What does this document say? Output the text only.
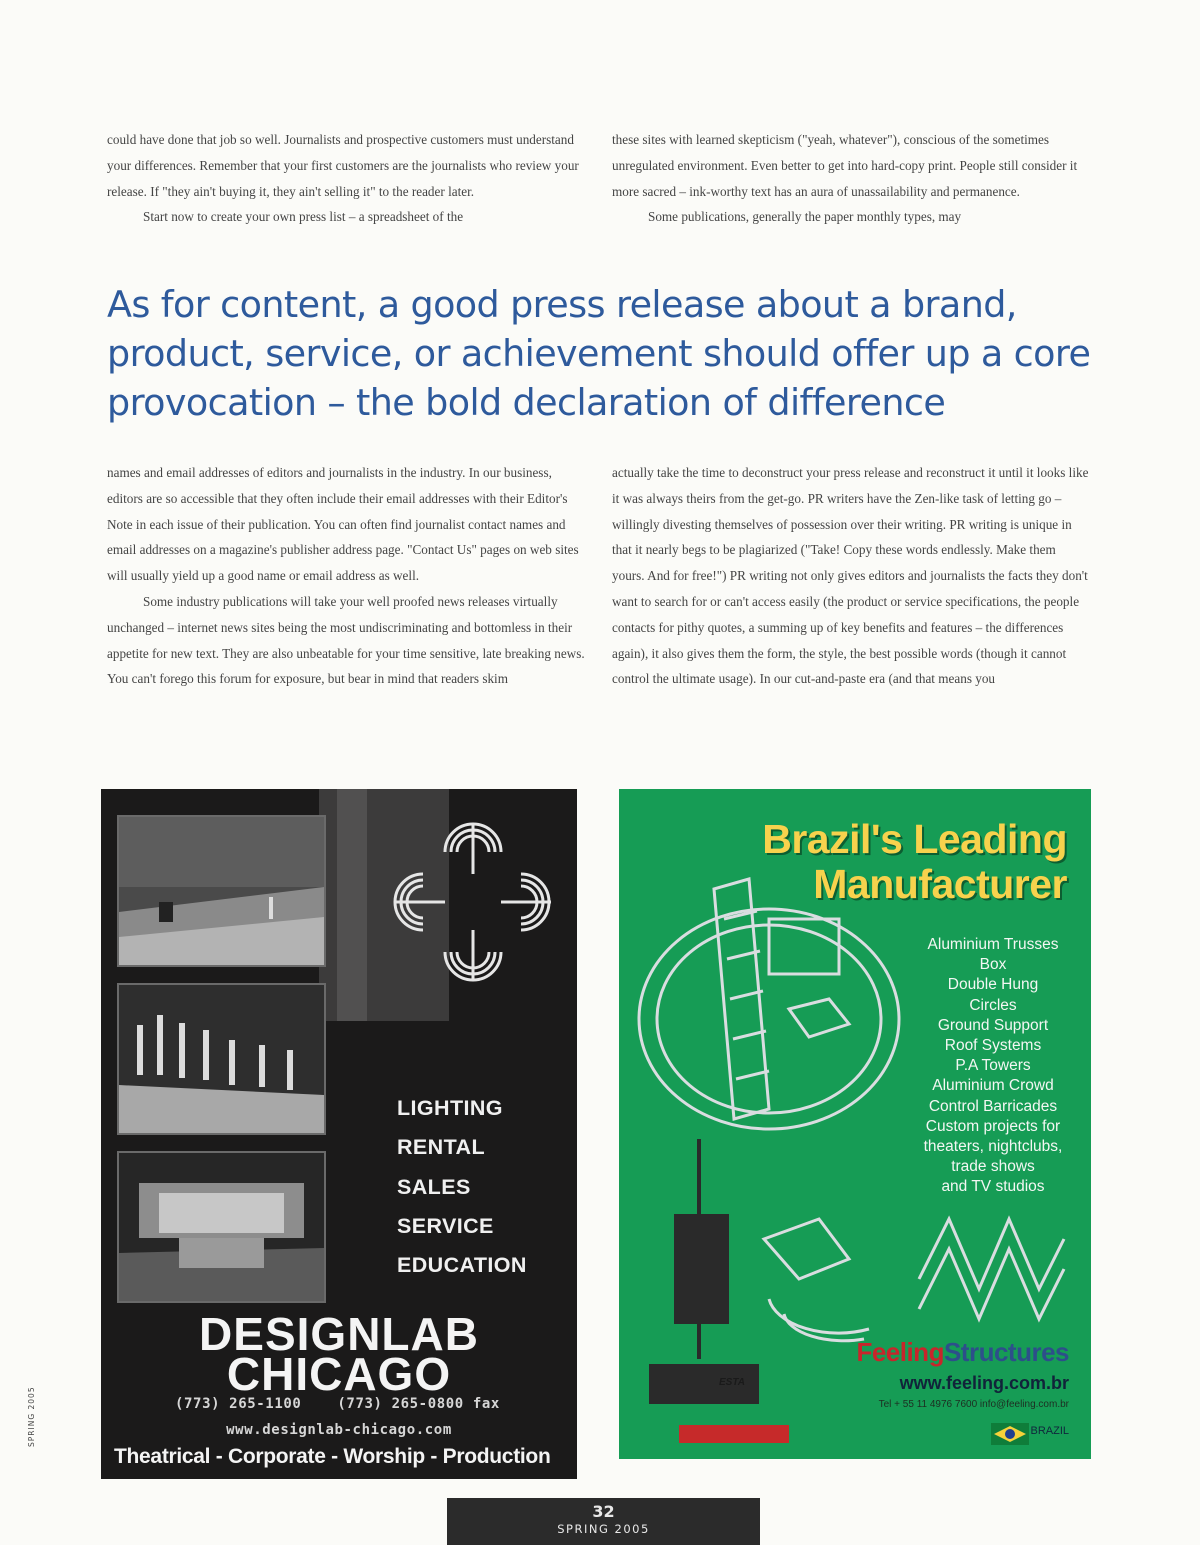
could have done that job so well. Journalists and prospective customers must understand your differences. Remember that your first customers are the journalists who review your release. If "they ain't buying it, they ain't selling it" to the reader later.

Start now to create your own press list – a spreadsheet of the

these sites with learned skepticism ("yeah, whatever"), conscious of the sometimes unregulated environment. Even better to get into hard-copy print. People still consider it more sacred – ink-worthy text has an aura of unassailability and permanence.

Some publications, generally the paper monthly types, may

As for content, a good press release about a brand, product, service, or achievement should offer up a core provocation – the bold declaration of difference

names and email addresses of editors and journalists in the industry. In our business, editors are so accessible that they often include their email addresses with their Editor's Note in each issue of their publication. You can often find journalist contact names and email addresses on a magazine's publisher address page. "Contact Us" pages on web sites will usually yield up a good name or email address as well.

Some industry publications will take your well proofed news releases virtually unchanged – internet news sites being the most undiscriminating and bottomless in their appetite for new text. They are also unbeatable for your time sensitive, late breaking news. You can't forego this forum for exposure, but bear in mind that readers skim

actually take the time to deconstruct your press release and reconstruct it until it looks like it was always theirs from the get-go. PR writers have the Zen-like task of letting go – willingly divesting themselves of possession over their writing. PR writing is unique in that it nearly begs to be plagiarized ("Take! Copy these words endlessly. Make them yours. And for free!") PR writing not only gives editors and journalists the facts they don't want to search for or can't access easily (the product or service specifications, the people contacts for pithy quotes, a summing up of key benefits and features – the differences again), it also gives them the form, the style, the best possible words (though it cannot control the ultimate usage). In our cut-and-paste era (and that means you

LIGHTING
RENTAL
SALES
SERVICE
EDUCATION
DESIGNLAB
CHICAGO
(773) 265-1100	(773) 265-0800 fax
www.designlab-chicago.com
Theatrical - Corporate - Worship - Production
Brazil's Leading
Manufacturer
Aluminium Trusses
Box
Double Hung
Circles
Ground Support
Roof Systems
P.A Towers
Aluminium Crowd
Control Barricades
Custom projects for
theaters, nightclubs,
trade shows
and TV studios
ESTA
FeelingStructures
www.feeling.com.br
Tel + 55 11 4976 7600 info@feeling.com.br
BRAZIL
32
SPRING 2005
SPRING 2005
